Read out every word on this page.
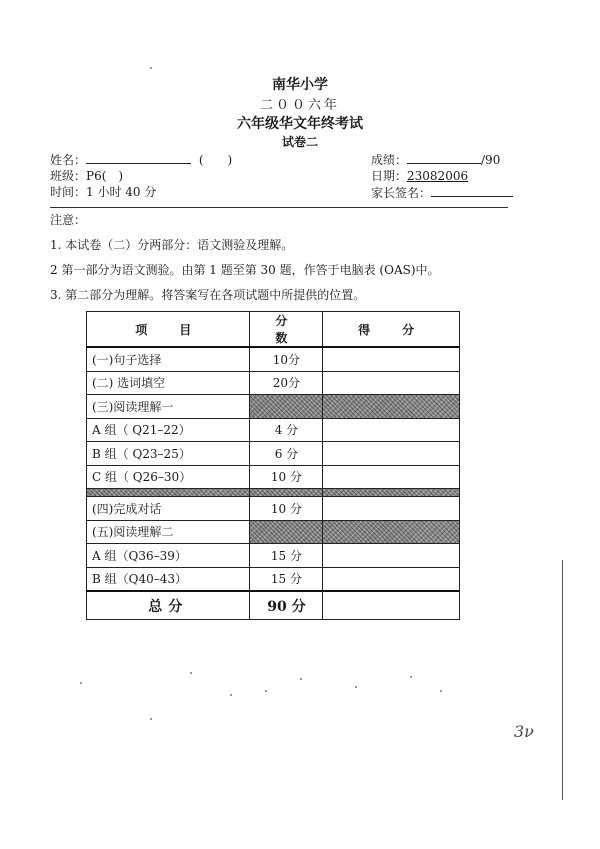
南华小学
二００六年
六年级华文年终考试
试卷二
姓名：	(　　)
班级：P6(　)
时间：1 小时 40 分
成绩：	/90
日期：23082006
家长签名：
注意：
1. 本试卷（二）分两部分：语文测验及理解。
2 第一部分为语文测验。由第 1 题至第 30 题，作答于电脑表 (OAS)中。
3. 第二部分为理解。将答案写在各项试题中所提供的位置。
项　目	分　数	得　分
(一)句子选择	10分	
(二) 选词填空	20分	
(三)阅读理解一		
A 组（ Q21–22）	4 分	
B 组（ Q23–25）	6 分	
C 组（ Q26–30）	10 分	

(四)完成对话	10 分	
(五)阅读理解二		
A 组（Q36–39）	15 分	
B 组（Q40–43）	15 分	
总分	90 分	
3ν
